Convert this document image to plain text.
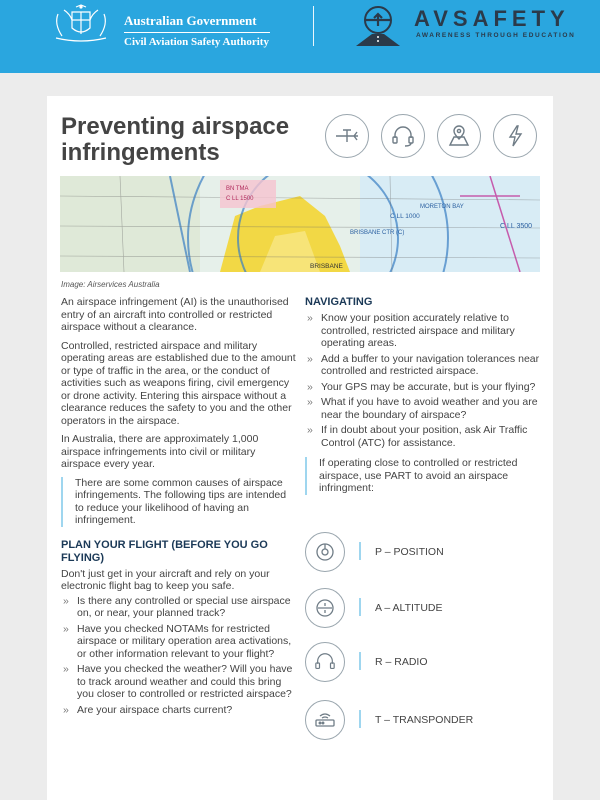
Australian Government
Civil Aviation Safety Authority
AVSAFETY
AWARENESS THROUGH EDUCATION
Preventing airspace infringements
BN TMA
C LL 1500
C LL 1000
C LL 3500
BRISBANE
BRISBANE CTR (C)
MORETON BAY
Image: Airservices Australia

An airspace infringement (AI) is the unauthorised entry of an aircraft into controlled or restricted airspace without a clearance.

Controlled, restricted airspace and military operating areas are established due to the amount or type of traffic in the area, or the conduct of activities such as weapons firing, civil emergency or drone activity. Entering this airspace without a clearance reduces the safety to you and the other operators in the airspace.

In Australia, there are approximately 1,000 airspace infringements into civil or military airspace every year.

There are some common causes of airspace infringements. The following tips are intended to reduce your likelihood of having an infringement.
PLAN YOUR FLIGHT (BEFORE YOU GO FLYING)

Don't just get in your aircraft and rely on your electronic flight bag to keep you safe.

» Is there any controlled or special use airspace on, or near, your planned track?
» Have you checked NOTAMs for restricted airspace or military operation area activations, or other information relevant to your flight?
» Have you checked the weather? Will you have to track around weather and could this bring you closer to controlled or restricted airspace?
» Are your airspace charts current?
NAVIGATING
» Know your position accurately relative to controlled, restricted airspace and military operating areas.
» Add a buffer to your navigation tolerances near controlled and restricted airspace.
» Your GPS may be accurate, but is your flying?
» What if you have to avoid weather and you are near the boundary of airspace?
» If in doubt about your position, ask Air Traffic Control (ATC) for assistance.
If operating close to controlled or restricted airspace, use PART to avoid an airspace infringment:
P – POSITION
A – ALTITUDE
R – RADIO
T – TRANSPONDER
